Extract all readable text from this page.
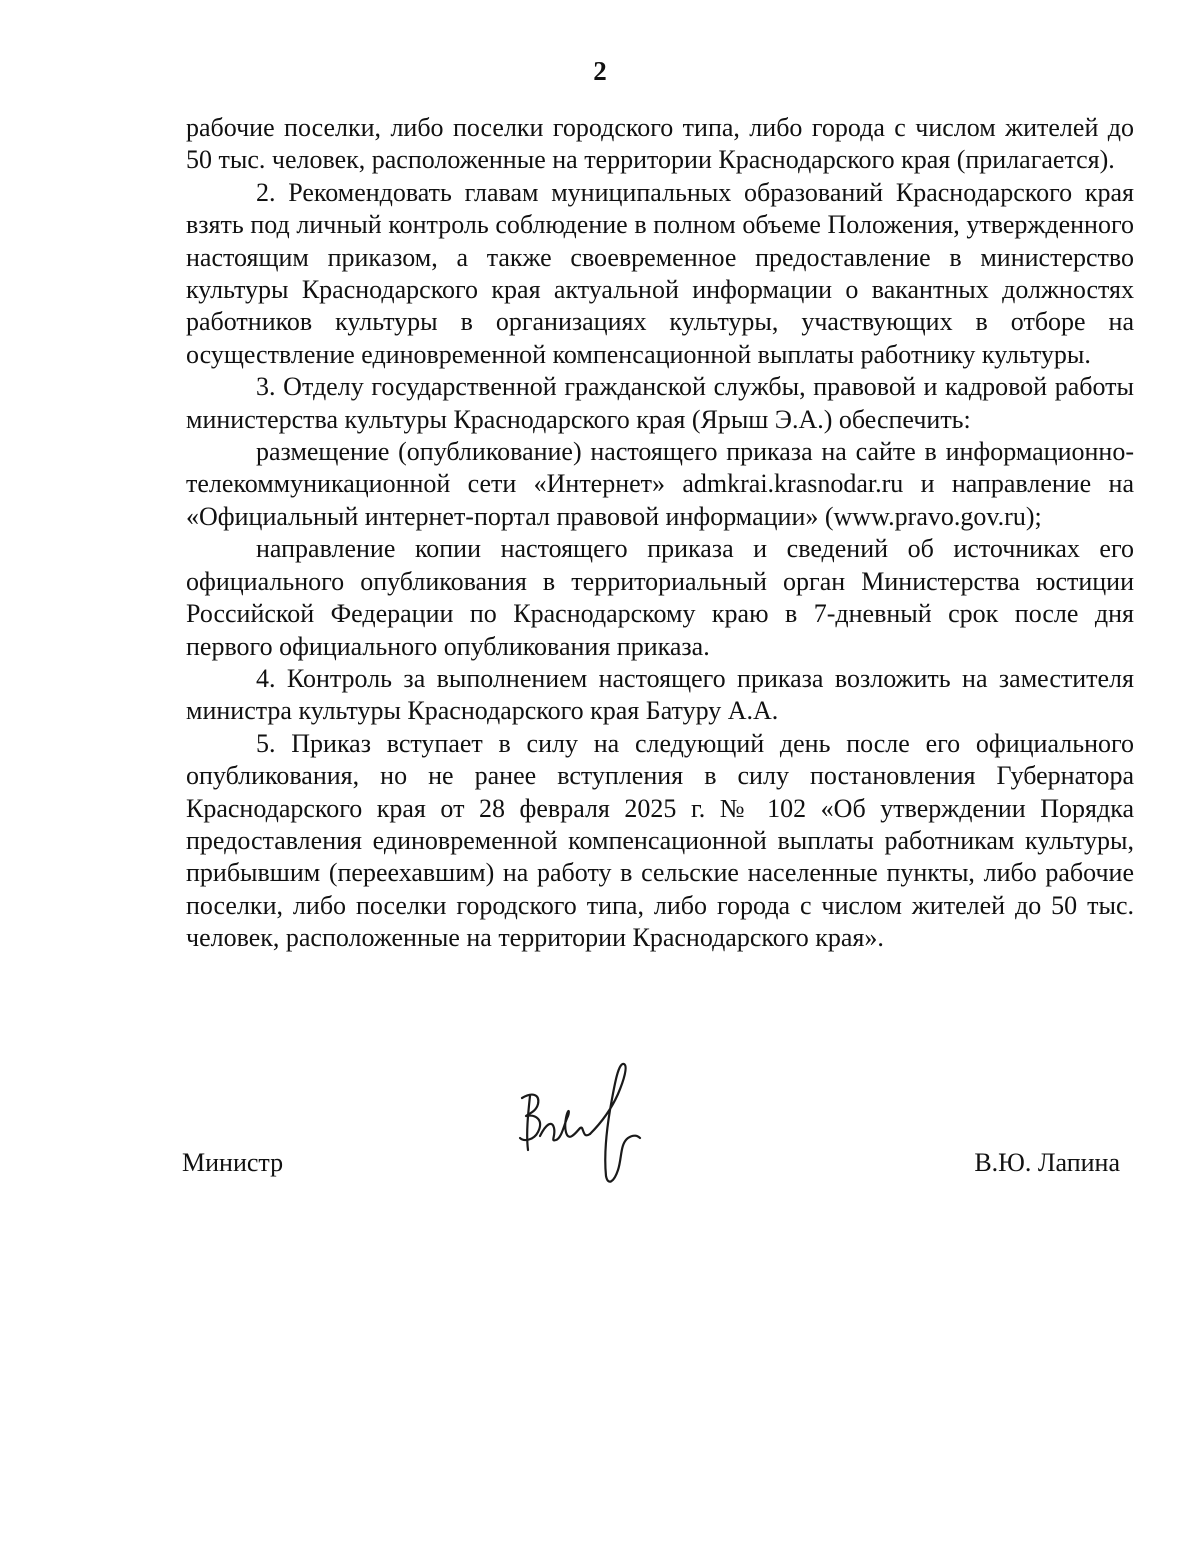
2

рабочие поселки, либо поселки городского типа, либо города с числом жителей до 50 тыс. человек, расположенные на территории Краснодарского края (прилагается).

2. Рекомендовать главам муниципальных образований Краснодарского края взять под личный контроль соблюдение в полном объеме Положения, утвержденного настоящим приказом, а также своевременное предоставление в министерство культуры Краснодарского края актуальной информации о вакантных должностях работников культуры в организациях культуры, участвующих в отборе на осуществление единовременной компенсационной выплаты работнику культуры.

3. Отделу государственной гражданской службы, правовой и кадровой работы министерства культуры Краснодарского края (Ярыш Э.А.) обеспечить:

размещение (опубликование) настоящего приказа на сайте в информационно-телекоммуникационной сети «Интернет» admkrai.krasnodar.ru и направление на «Официальный интернет-портал правовой информации» (www.pravo.gov.ru);

направление копии настоящего приказа и сведений об источниках его официального опубликования в территориальный орган Министерства юстиции Российской Федерации по Краснодарскому краю в 7-дневный срок после дня первого официального опубликования приказа.

4. Контроль за выполнением настоящего приказа возложить на заместителя министра культуры Краснодарского края Батуру А.А.

5. Приказ вступает в силу на следующий день после его официального опубликования, но не ранее вступления в силу постановления Губернатора Краснодарского края от 28 февраля 2025 г. № 102 «Об утверждении Порядка предоставления единовременной компенсационной выплаты работникам культуры, прибывшим (переехавшим) на работу в сельские населенные пункты, либо рабочие поселки, либо поселки городского типа, либо города с числом жителей до 50 тыс. человек, расположенные на территории Краснодарского края».

Министр	В.Ю. Лапина
